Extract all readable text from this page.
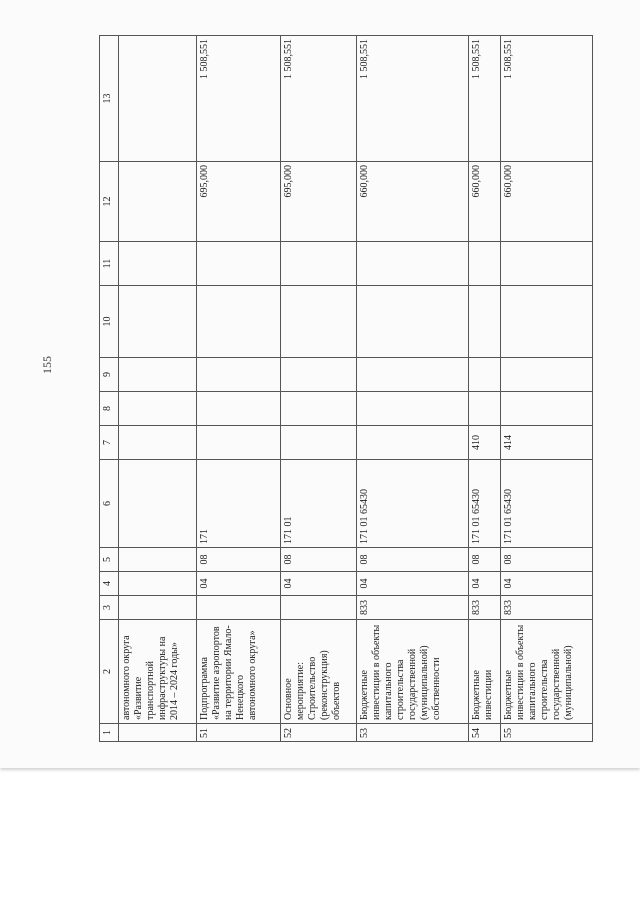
155
1	2	3	4	5	6	7	8	9	10	11	12	13
	автономного округа «Развитие транспортной инфраструктуры на 2014 – 2024 годы»											
51	Подпрограмма «Развитие аэропортов на территории Ямало-Ненецкого автономного округа»		04	08	171						695,000	1 508,551
52	Основное мероприятие: Строительство (реконструкция) объектов		04	08	171 01						695,000	1 508,551
53	Бюджетные инвестиции в объекты капитального строительства государственной (муниципальной) собственности	833	04	08	171 01 65430						660,000	1 508,551
54	Бюджетные инвестиции	833	04	08	171 01 65430	410					660,000	1 508,551
55	Бюджетные инвестиции в объекты капитального строительства государственной (муниципальной)	833	04	08	171 01 65430	414					660,000	1 508,551
